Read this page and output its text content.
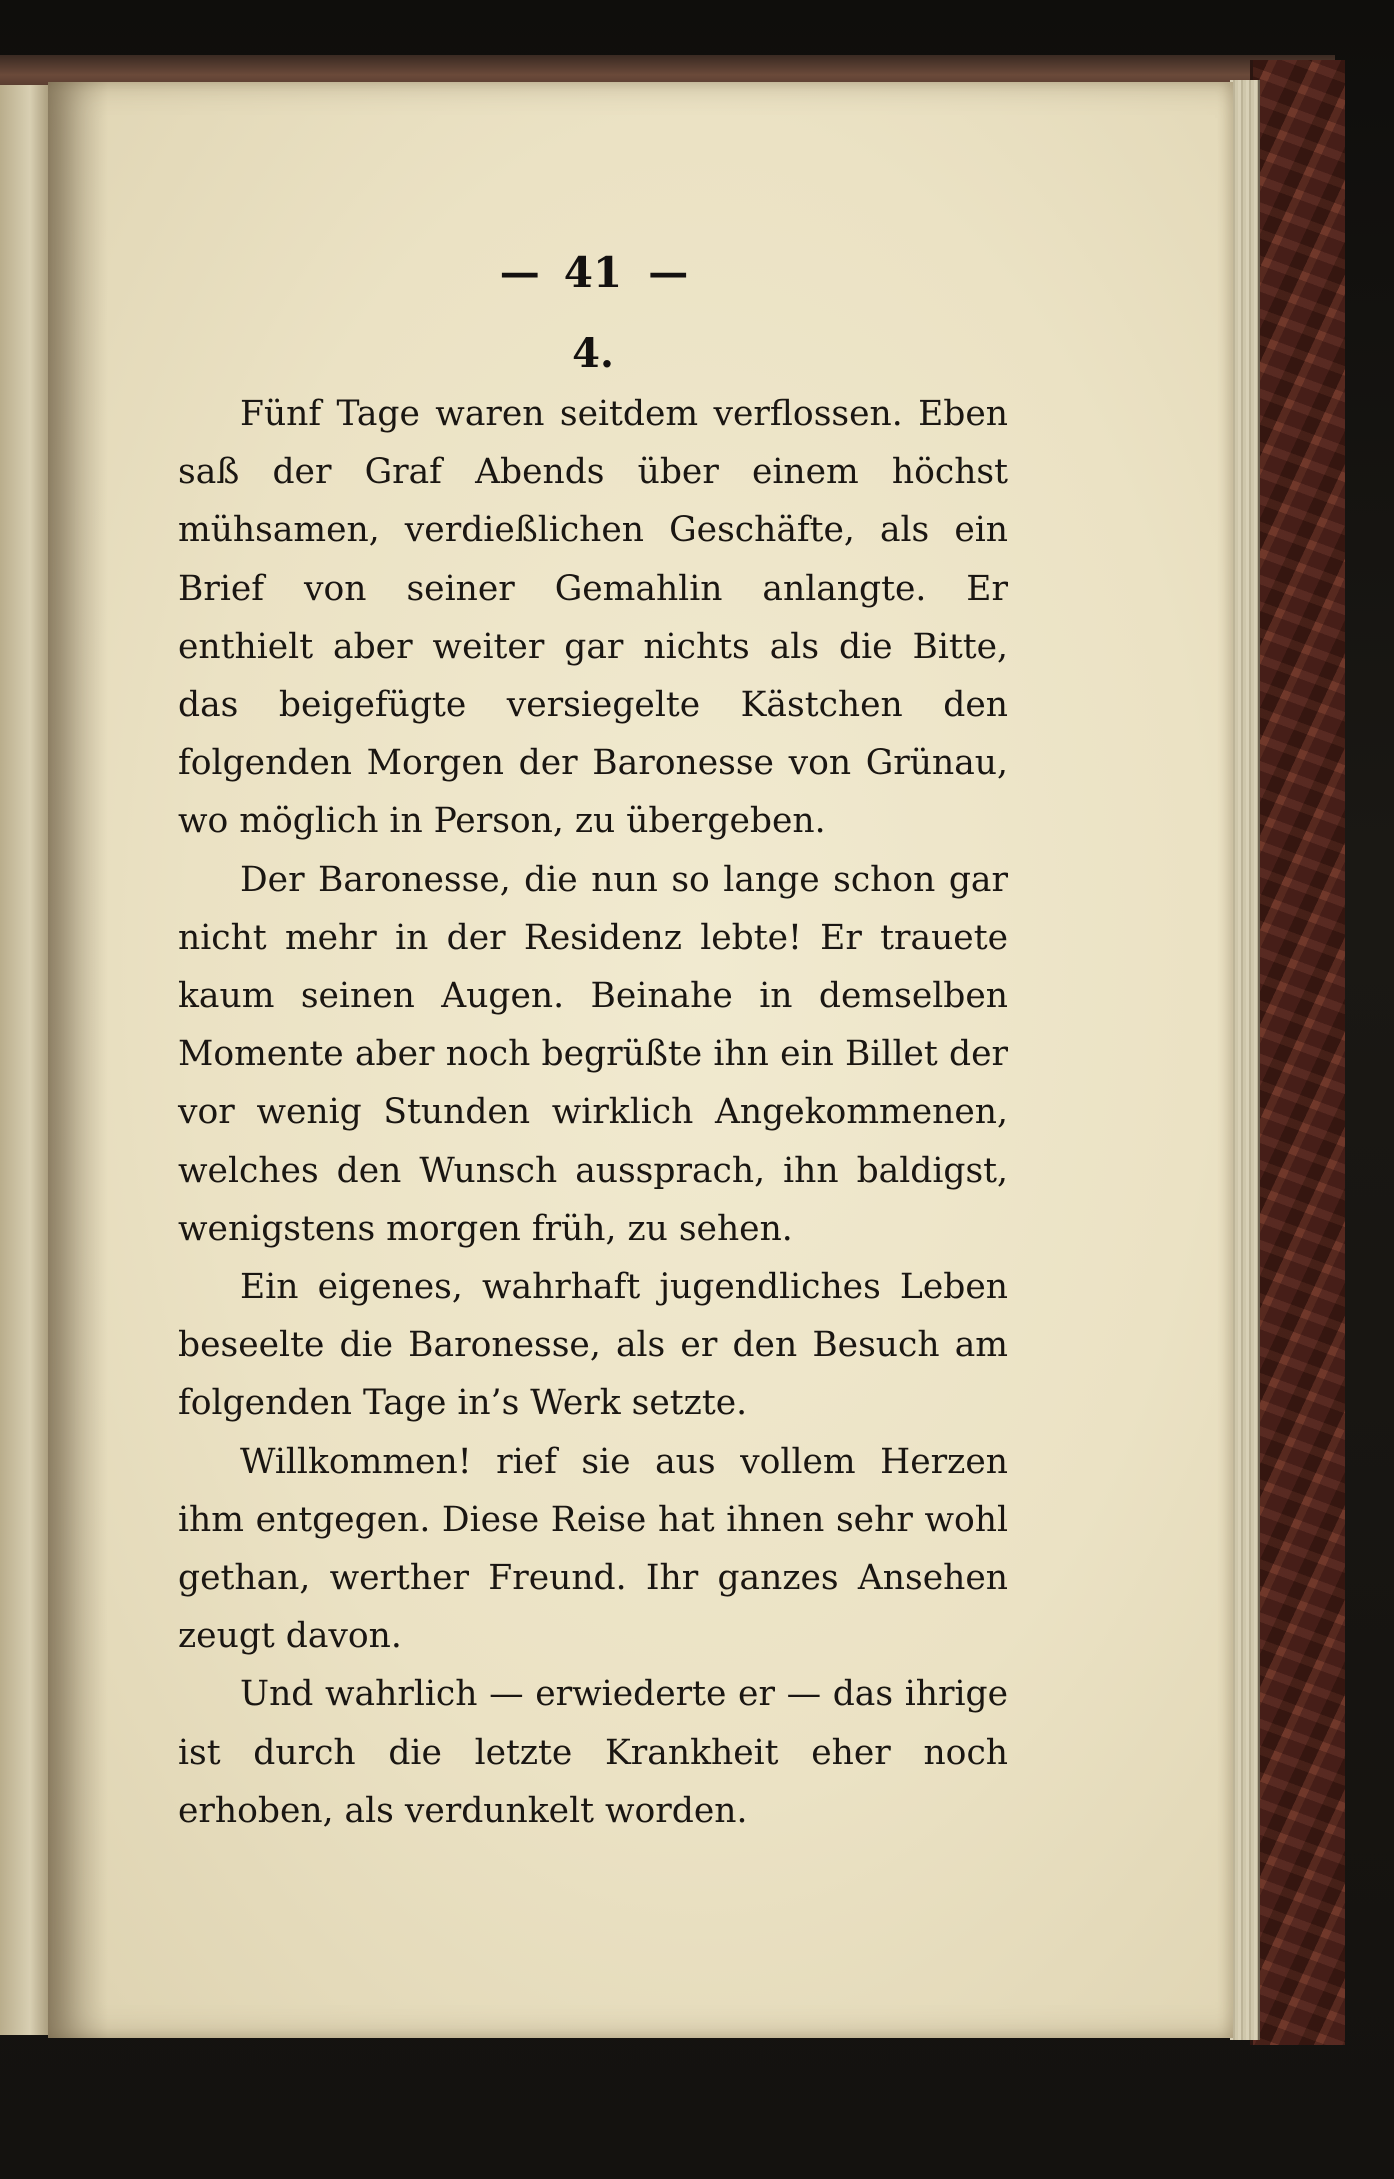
— 41 —
4.

Fünf Tage waren seitdem verflossen. Eben saß der Graf Abends über einem höchst mühsamen, verdießlichen Geschäfte, als ein Brief von seiner Gemahlin anlangte. Er enthielt aber weiter gar nichts als die Bitte, das beigefügte versiegelte Kästchen den folgenden Morgen der Baronesse von Grünau, wo möglich in Person, zu übergeben.

Der Baronesse, die nun so lange schon gar nicht mehr in der Residenz lebte! Er trauete kaum seinen Augen. Beinahe in demselben Momente aber noch begrüßte ihn ein Billet der vor wenig Stunden wirklich Angekommenen, welches den Wunsch aussprach, ihn baldigst, wenigstens morgen früh, zu sehen.

Ein eigenes, wahrhaft jugendliches Leben beseelte die Baronesse, als er den Besuch am folgenden Tage in’s Werk setzte.

Willkommen! rief sie aus vollem Herzen ihm entgegen. Diese Reise hat ihnen sehr wohl gethan, werther Freund. Ihr ganzes Ansehen zeugt davon.

Und wahrlich — erwiederte er — das ihrige ist durch die letzte Krankheit eher noch erhoben, als verdunkelt worden.
